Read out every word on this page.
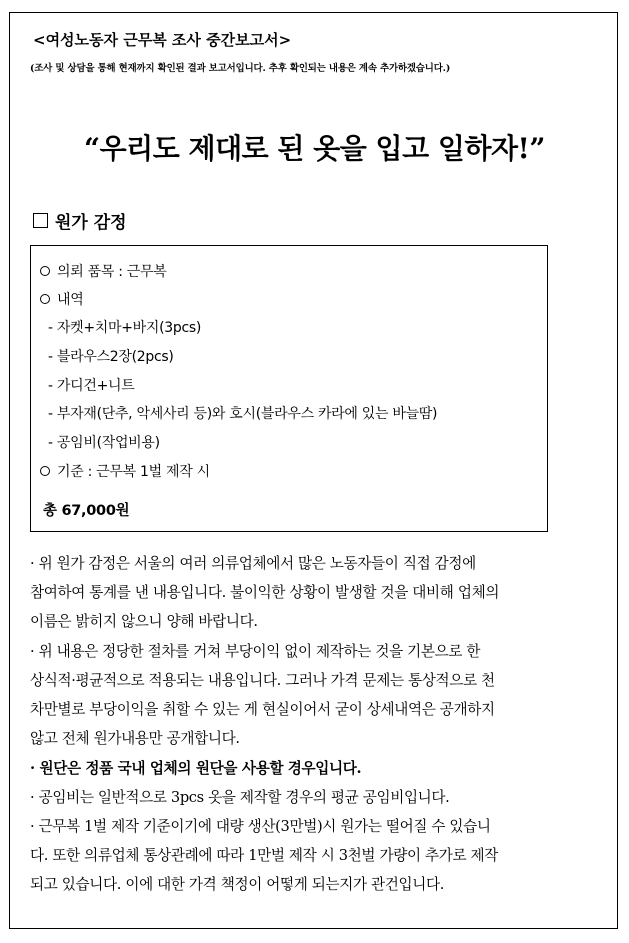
<여성노동자 근무복 조사 중간보고서>
(조사 및 상담을 통해 현재까지 확인된 결과 보고서입니다. 추후 확인되는 내용은 계속 추가하겠습니다.)
“우리도 제대로 된 옷을 입고 일하자!”
원가 감정
의뢰 품목 : 근무복
내역
- 자켓+치마+바지(3pcs)
- 블라우스2장(2pcs)
- 가디건+니트
- 부자재(단추, 악세사리 등)와 호시(블라우스 카라에 있는 바늘땀)
- 공임비(작업비용)
기준 : 근무복 1벌 제작 시
총 67,000원
· 위 원가 감정은 서울의 여러 의류업체에서 많은 노동자들이 직접 감정에
참여하여 통계를 낸 내용입니다. 불이익한 상황이 발생할 것을 대비해 업체의
이름은 밝히지 않으니 양해 바랍니다.
· 위 내용은 정당한 절차를 거쳐 부당이익 없이 제작하는 것을 기본으로 한
상식적·평균적으로 적용되는 내용입니다. 그러나 가격 문제는 통상적으로 천
차만별로 부당이익을 취할 수 있는 게 현실이어서 굳이 상세내역은 공개하지
않고 전체 원가내용만 공개합니다.
· 원단은 정품 국내 업체의 원단을 사용할 경우입니다.
· 공임비는 일반적으로 3pcs 옷을 제작할 경우의 평균 공임비입니다.
· 근무복 1벌 제작 기준이기에 대량 생산(3만벌)시 원가는 떨어질 수 있습니
다. 또한 의류업체 통상관례에 따라 1만벌 제작 시 3천벌 가량이 추가로 제작
되고 있습니다. 이에 대한 가격 책정이 어떻게 되는지가 관건입니다.
